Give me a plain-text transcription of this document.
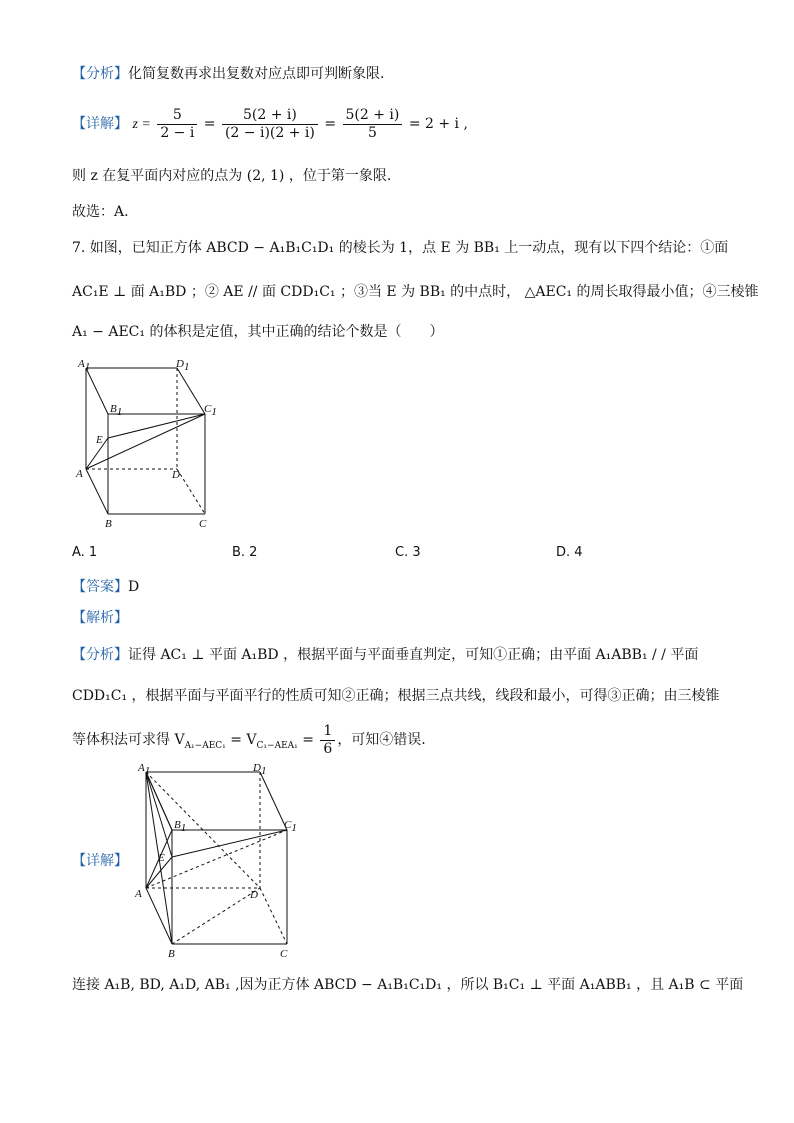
【分析】化简复数再求出复数对应点即可判断象限.
【详解】 $z = \frac{5}{2 - i} = \frac{5(2 + i)}{(2 - i)(2 + i)} = \frac{5(2 + i)}{5} = 2 + i$ ,
则 z 在复平面内对应的点为 (2, 1) ，位于第一象限.
故选：A.
7. 如图，已知正方体 ABCD − A₁B₁C₁D₁ 的棱长为 1，点 E 为 BB₁ 上一动点，现有以下四个结论：①面
AC₁E ⊥ 面 A₁BD ；② AE // 面 CDD₁C₁ ；③当 E 为 BB₁ 的中点时， △AEC₁ 的周长取得最小值；④三棱锥
A₁ − AEC₁ 的体积是定值，其中正确的结论个数是（　　）
A1	D1
B1	C1
E
A	D
B	C
A. 1	B. 2	C. 3	D. 4
【答案】D
【解析】
【分析】证得 AC₁ ⊥ 平面 A₁BD ，根据平面与平面垂直判定，可知①正确；由平面 A₁ABB₁ / / 平面
CDD₁C₁ ，根据平面与平面平行的性质可知②正确；根据三点共线，线段和最小，可得③正确；由三棱锥
等体积法可求得 $V_{A_1-AEC_1} = V_{C_1-AEA_1} = \frac{1}{6}$ ，可知④错误.
【详解】
A1	D1
B1	C1
E
A	D
B	C
连接 A₁B, BD, A₁D, AB₁ ,因为正方体 ABCD − A₁B₁C₁D₁ ，所以 B₁C₁ ⊥ 平面 A₁ABB₁ ，且 A₁B ⊂ 平面
